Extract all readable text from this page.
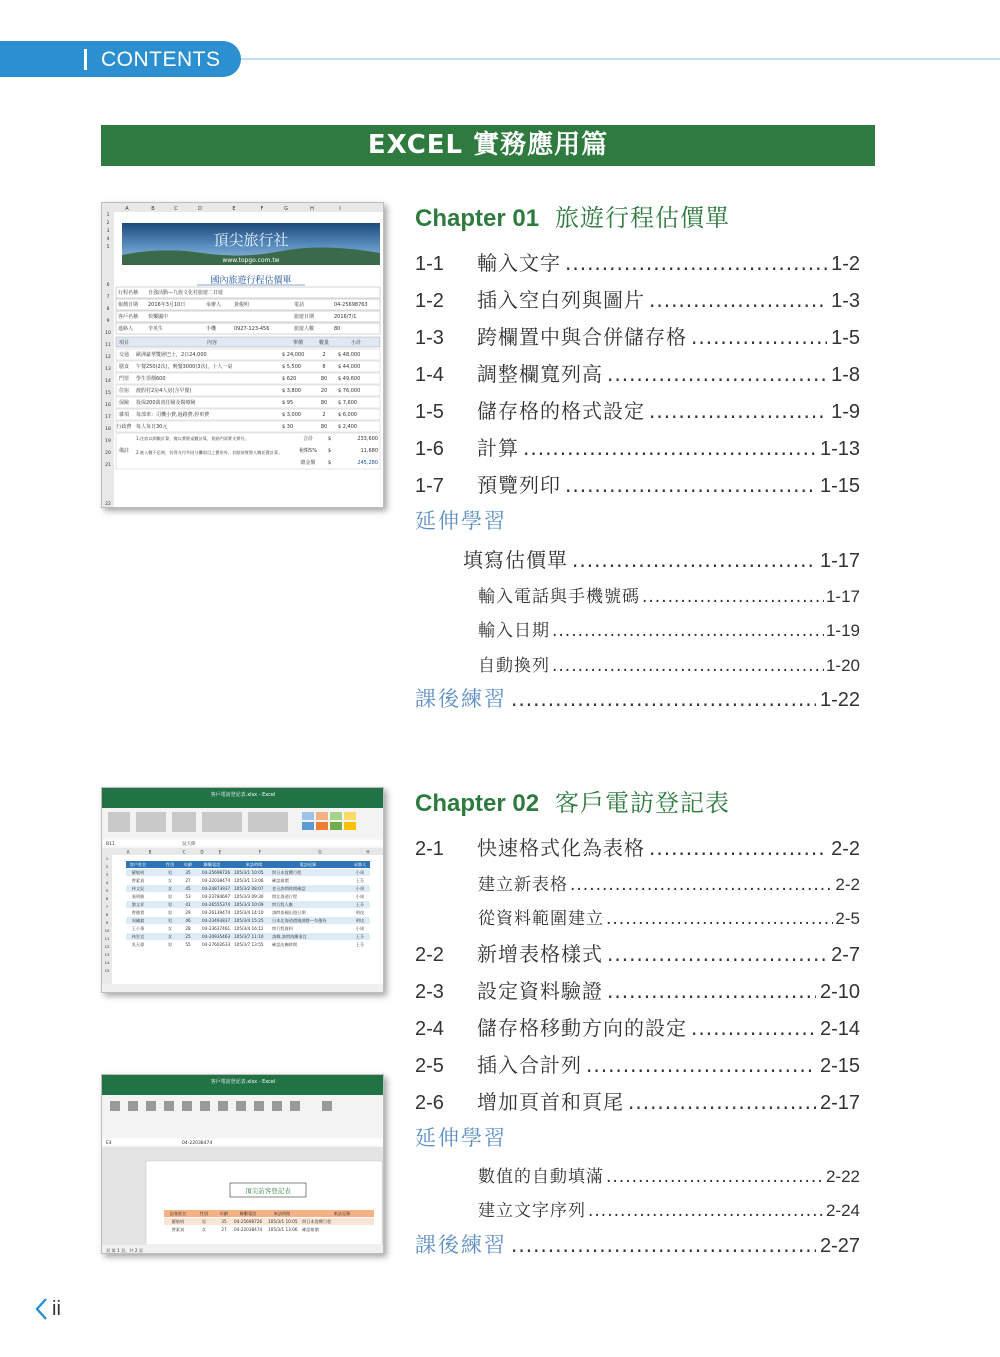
CONTENTS
EXCEL 實務應用篇
Chapter 01 旅遊行程估價單
1-1	輸入文字 .....	1-2
1-2	插入空白列與圖片 .....	1-3
1-3	跨欄置中與合併儲存格 .....	1-5
1-4	調整欄寬列高 .....	1-8
1-5	儲存格的格式設定 .....	1-9
1-6	計算 .....	1-13
1-7	預覽列印 .....	1-15
延伸學習
填寫估價單 .....	1-17
輸入電話與手機號碼 .....	1-17
輸入日期 .....	1-19
自動換列 .....	1-20
課後練習 .....	1-22
Chapter 02 客戶電訪登記表
2-1	快速格式化為表格 .....	2-2
建立新表格 .....	2-2
從資料範圍建立 .....	2-5
2-2	新增表格樣式 .....	2-7
2-3	設定資料驗證 .....	2-10
2-4	儲存格移動方向的設定 .....	2-14
2-5	插入合計列 .....	2-15
2-6	增加頁首和頁尾 .....	2-17
延伸學習
數值的自動填滿 .....	2-22
建立文字序列 .....	2-24
課後練習 .....	2-27
ii
A	B	C	D	E	F	G	H	I
1
2
3
4
5
6
7
8
9
10
11
12
13
14
15
16
17
18
19
20
21
22
頂尖旅行社
www.topgo.com.tw
國內旅遊行程估價單
行程名稱 自強活動—九族文化村旅遊二日遊
報價日期 2016年3月10日	承辦人	黃俊明	電話	04-25698763
客戶名稱 快樂國中	旅遊日期	2016/7/1
連絡人	李英生	手機	0927-123-456	旅遊人數	80
項目	內容	單價	數量	小計
交通 歐洲豪華雙層巴士，2日24,000	$ 24,000	2 $ 48,000
膳食 午餐250(2次)，晚餐3000(3次)，十人一桌	$ 5,500	8 $ 44,000
門票 學生票價600	$ 620	80 $ 49,600
住宿 渡假村2房4人房(含早餐)	$ 3,800	20 $ 76,000
保險 投保200萬責任險及醫療險	$ 95	80 $ 7,600
雜項 每部車：司機小費,過路費,停車費	$ 3,000	2 $ 6,000
行政費 每人每日30元	$ 30	80 $ 2,400
備註
1.住宿以間數計算，餐以實際桌數計算，景點門票實支實付。
2.進入數不足時，仍得支付共同分攤項目之費用外，其餘按實際人數花費計算。
合計	$	233,600
稅額5% $	11,680
總金額 $	245,280
客戶電訪登記表.xlsx - Excel
B11	吳天偉
A	B	C	D	E	F	G	H
客戶姓名	性別 年齡	聯繫電話	來訪時間	電訪紀錄	承辦人
羅敏明	男	35	04-25698726 105/3/1 10:05 問日本賞櫻行程	小周
曾素真	女	27	04-22038474 105/3/1 13:06 確認報價	王芬
林文妃	女	45	04-24873937 105/3/2 08:07 老台詢問時間確認	小周
張明勝	男	53	04-23784697 105/3/3 09:30 問北海道行程	小周
劉文祥	男	41	04-26555374 105/3/3 10:09 問行程人數	王芬
曾德貴	男	29	04-26139474 105/3/4 14:10 詢問泰國出遊日期	明玟
周繡翁	男	46	04-23493837 105/3/4 15:25 日本北海道價錢調整—有優待	明玟
王小華	女	28	04-23637461 105/3/4 16:12 問行程資料	小周
林筌宜	女	25	04-20935463 105/3/7 11:10 詢韓,詢問海灘事宜	王芬
吳天偉	男	55	04-27602633 105/3/7 13:55 確認出團時間	王芬
1
2
3
4
5
6
7
8
9
10
11
12
13
14
15
客戶電訪登記表.xlsx - Excel
E4	04-22038474
頂尖訪客登記表
訪客姓名	性別	年齡	聯繫電話	來訪時間	來訪記錄
羅敏明	男	35 04-25698726 105/3/1 10:05 問日本賞櫻行程
曾素真	女	27 04-22038474 105/3/1 13:06 確認報價
頁 第 1 頁，共 2 頁
